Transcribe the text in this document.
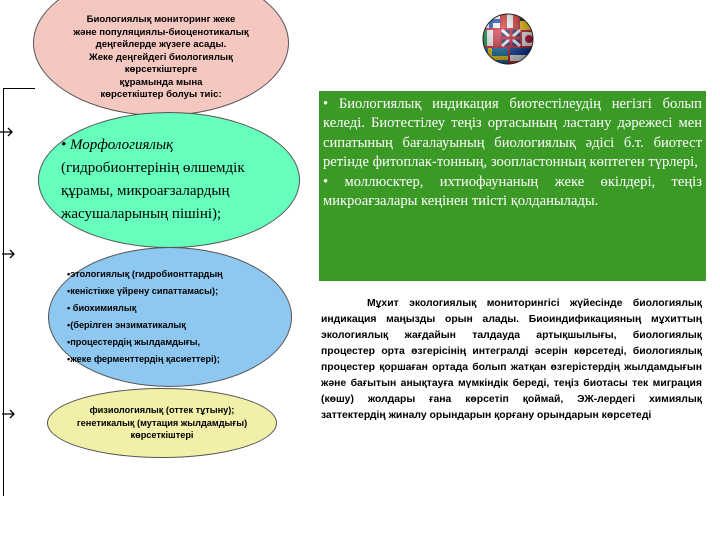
Биологиялық мониторинг жеке
және популяциялы-биоценотикалық
деңгейлерде жүзеге асады.
Жеке деңгейдегі биологиялық
көрсеткіштерге
құрамында мына
көрсеткіштер болуы тиіс:
• Морфологиялық
(гидробионтерінің өлшемдік
құрамы, микроағзалардың
жасушаларының пішіні);
•этологиялық (гидробионттардың
•кеністікке үйрену сипаттамасы);
• биохимиялық
•(берілген энзиматикалық
•процестердің жылдамдығы,
•жеке ферменттердің қасиеттері);
физиологиялық (оттек тұтыну);
генетикалық (мутация жылдамдығы)
көрсеткіштері

• Биологиялық индикация биотестілеудің негізгі болып келеді. Биотестілеу теңіз ортасының ластану дәрежесі мен сипатының бағалауының биологиялық әдісі б.т. биотест ретінде фитоплак-тонның, зоопластонның көптеген түрлері,

• моллюсктер, ихтиофаунаның жеке өкілдері, теңіз микроағзалары кеңінен тиісті қолданылады.

Мұхит экологиялық мониторингісі жүйесінде биологиялық индикация маңызды орын алады. Биоиндификацияның мұхиттың экологиялық жағдайын талдауда артықшылығы, биологиялық процестер орта өзгерісінің интегралді әсерін көрсетеді, биологиялық процестер қоршаған ортада болып жатқан өзгерістердің жылдамдығын және бағытын анықтауға мүмкіндік береді, теңіз биотасы тек миграция (көшу) жолдары ғана көрсетіп қоймай, ЭЖ-лердегі химиялық заттектердің жиналу орындарын қорғану орындарын көрсетеді
